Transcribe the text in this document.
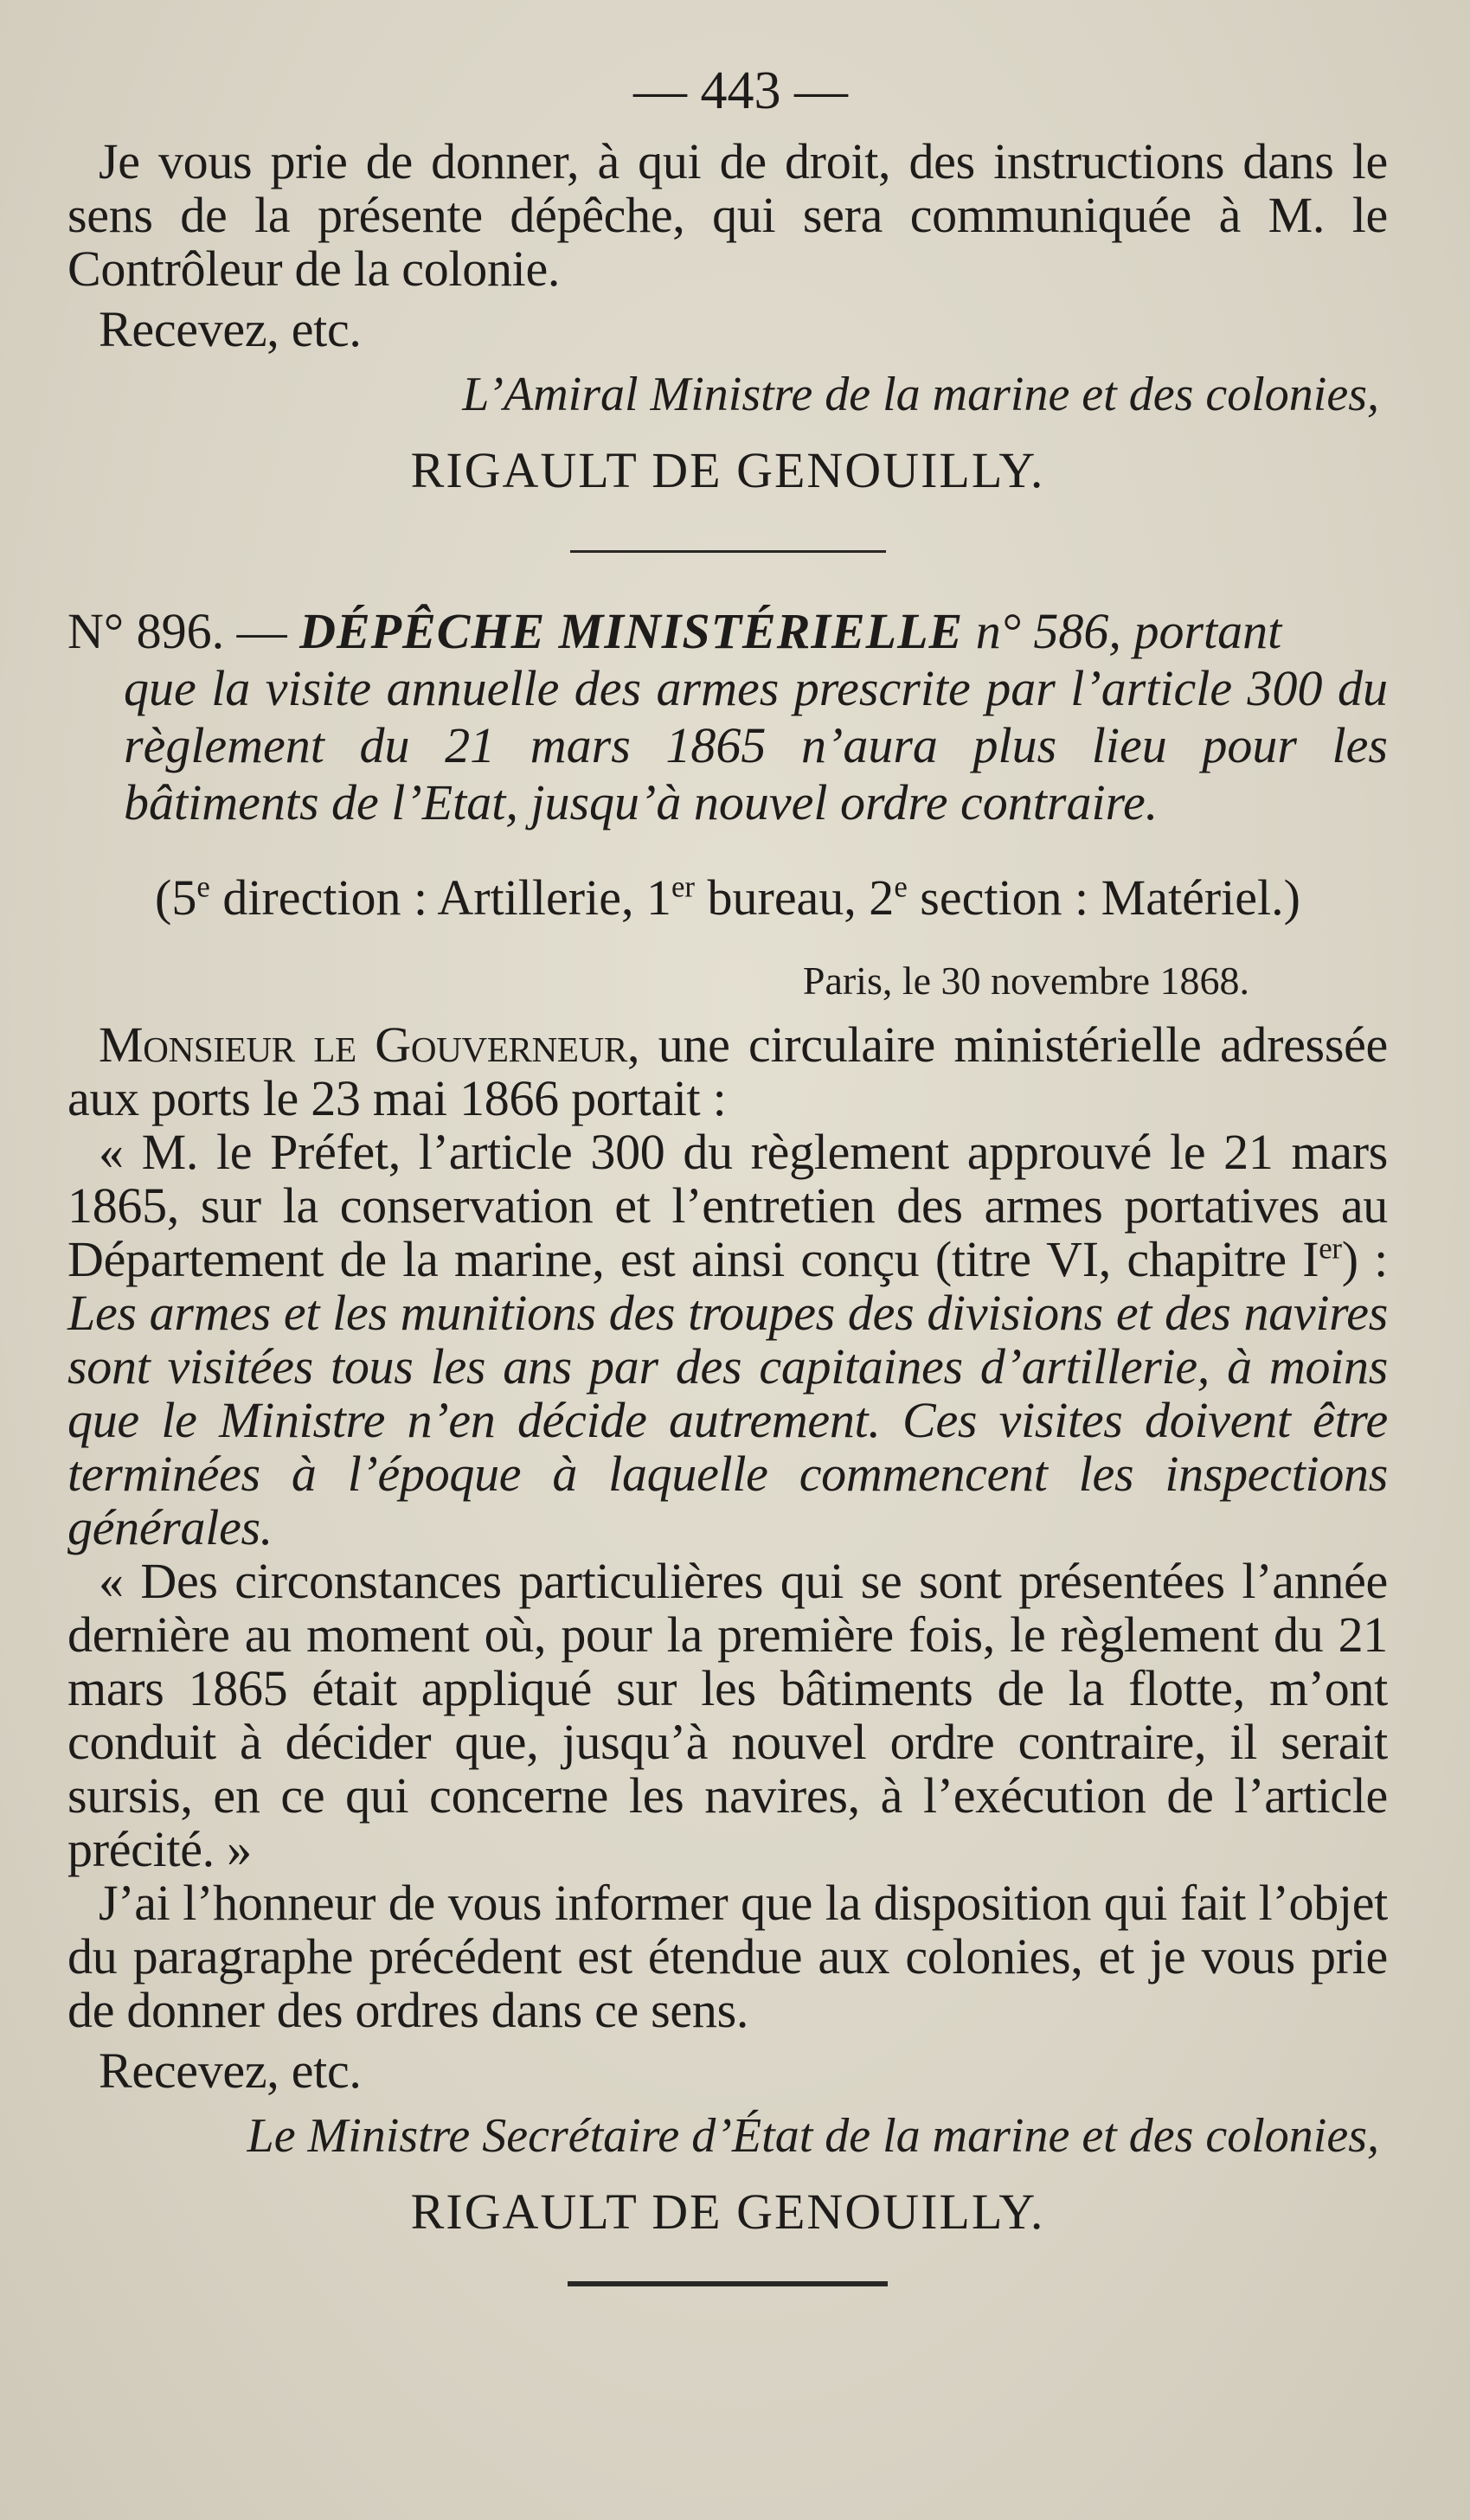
— 443 —

Je vous prie de donner, à qui de droit, des instructions dans le sens de la présente dépêche, qui sera communiquée à M. le Contrôleur de la colonie.

Recevez, etc.

L’Amiral Ministre de la marine et des colonies,
RIGAULT DE GENOUILLY.
N° 896. — DÉPÊCHE MINISTÉRIELLE n° 586, portant
que la visite annuelle des armes prescrite par l’article 300 du règlement du 21 mars 1865 n’aura plus lieu pour les bâtiments de l’Etat, jusqu’à nouvel ordre contraire.
(5e direction : Artillerie, 1er bureau, 2e section : Matériel.)
Paris, le 30 novembre 1868.

Monsieur le Gouverneur, une circulaire ministérielle adressée aux ports le 23 mai 1866 portait :

« M. le Préfet, l’article 300 du règlement approuvé le 21 mars 1865, sur la conservation et l’entretien des armes portatives au Département de la marine, est ainsi conçu (titre VI, chapitre Ier) : Les armes et les munitions des troupes des divisions et des navires sont visitées tous les ans par des capitaines d’artillerie, à moins que le Ministre n’en décide autrement. Ces visites doivent être terminées à l’époque à laquelle commencent les inspections générales.

« Des circonstances particulières qui se sont présentées l’année dernière au moment où, pour la première fois, le règlement du 21 mars 1865 était appliqué sur les bâtiments de la flotte, m’ont conduit à décider que, jusqu’à nouvel ordre contraire, il serait sursis, en ce qui concerne les navires, à l’exécution de l’article précité. »

J’ai l’honneur de vous informer que la disposition qui fait l’objet du paragraphe précédent est étendue aux colonies, et je vous prie de donner des ordres dans ce sens.

Recevez, etc.

Le Ministre Secrétaire d’État de la marine et des colonies,
RIGAULT DE GENOUILLY.
